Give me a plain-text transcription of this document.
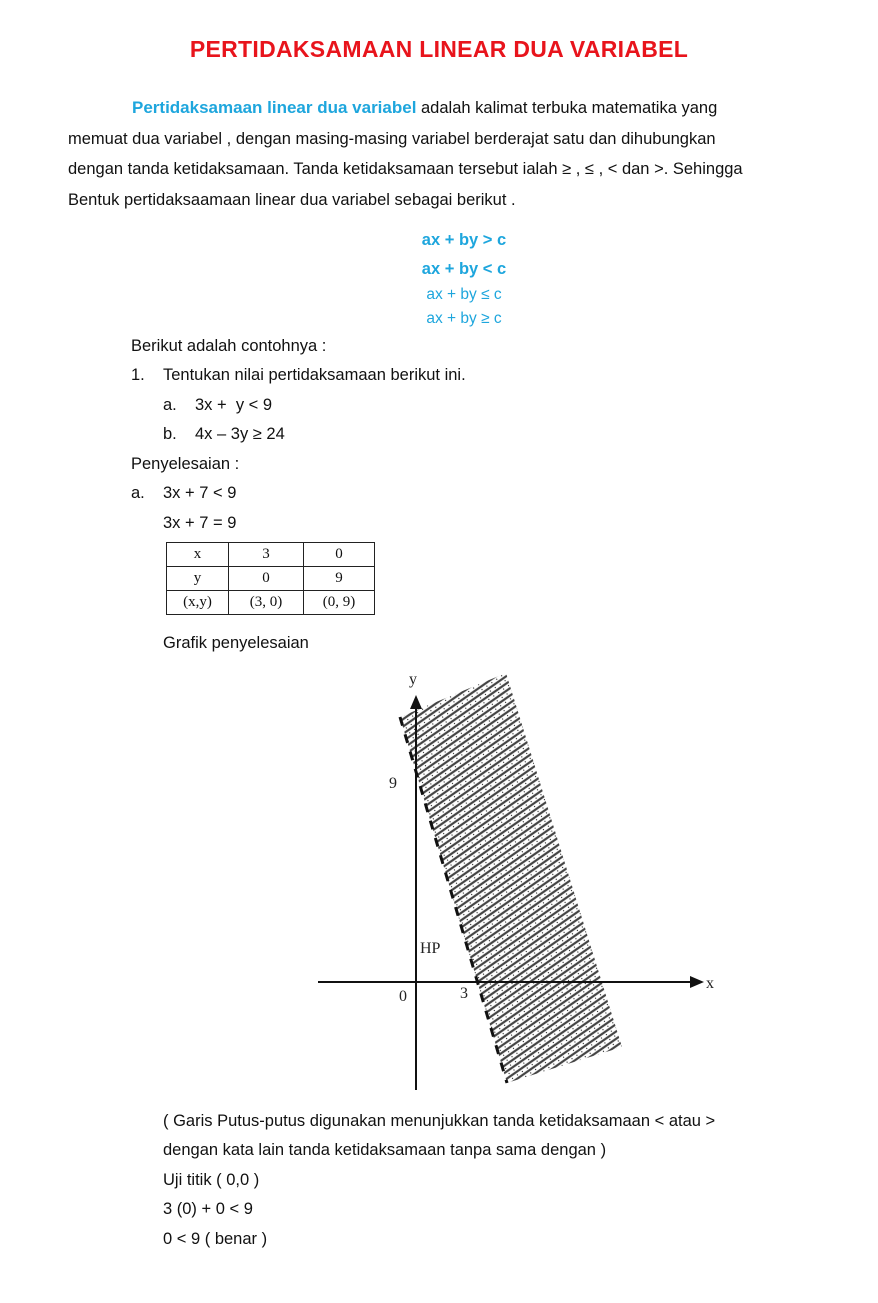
PERTIDAKSAMAAN LINEAR DUA VARIABEL
Pertidaksamaan linear dua variabel adalah kalimat terbuka matematika yang
memuat dua variabel , dengan masing-masing variabel berderajat satu dan dihubungkan
dengan tanda ketidaksamaan. Tanda ketidaksamaan tersebut ialah ≥ , ≤ , < dan >. Sehingga
Bentuk pertidaksaamaan linear dua variabel sebagai berikut .
ax + by > c
ax + by < c
ax + by ≤ c
ax + by ≥ c
Berikut adalah contohnya :
1. Tentukan nilai pertidaksamaan berikut ini.
a. 3x +  y < 9
b. 4x – 3y ≥ 24
Penyelesaian :
a. 3x + 7 < 9
3x + 7 = 9
x	3	0
y	0	9
(x,y)	(3, 0)	(0, 9)
Grafik penyelesaian
y
x
0	3
9
HP
( Garis Putus-putus digunakan menunjukkan tanda ketidaksamaan < atau >
dengan kata lain tanda ketidaksamaan tanpa sama dengan )
Uji titik ( 0,0 )
3 (0) + 0 < 9
0 < 9 ( benar )
